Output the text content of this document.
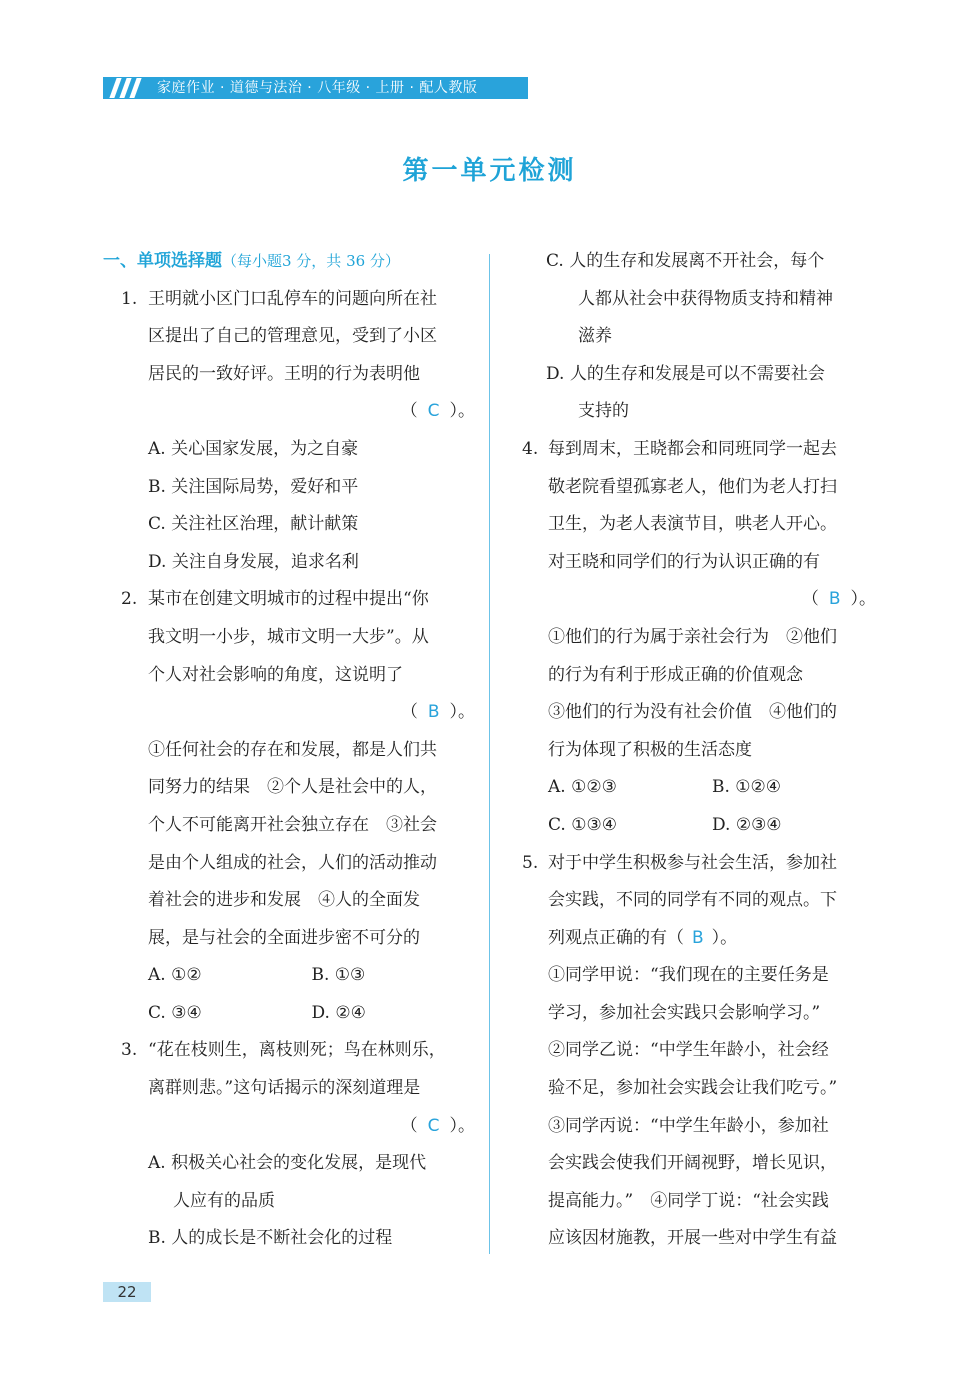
家庭作业 · 道德与法治 · 八年级 · 上册 · 配人教版
第一单元检测
一、单项选择题（每小题3 分，共 36 分）
1. 王明就小区门口乱停车的问题向所在社
区提出了自己的管理意见，受到了小区
居民的一致好评。王明的行为表明他
（ C ）。
A. 关心国家发展，为之自豪
B. 关注国际局势，爱好和平
C. 关注社区治理，献计献策
D. 关注自身发展，追求名利
2. 某市在创建文明城市的过程中提出“你
我文明一小步，城市文明一大步”。从
个人对社会影响的角度，这说明了
（ B ）。
①任何社会的存在和发展，都是人们共
同努力的结果　②个人是社会中的人，
个人不可能离开社会独立存在　③社会
是由个人组成的社会，人们的活动推动
着社会的进步和发展　④人的全面发
展，是与社会的全面进步密不可分的
A. ①②	B. ①③
C. ③④	D. ②④
3. “花在枝则生，离枝则死；鸟在林则乐，
离群则悲。”这句话揭示的深刻道理是
（ C ）。
A. 积极关心社会的变化发展，是现代
人应有的品质
B. 人的成长是不断社会化的过程
C. 人的生存和发展离不开社会，每个
人都从社会中获得物质支持和精神
滋养
D. 人的生存和发展是可以不需要社会
支持的
4. 每到周末，王晓都会和同班同学一起去
敬老院看望孤寡老人，他们为老人打扫
卫生，为老人表演节目，哄老人开心。
对王晓和同学们的行为认识正确的有
（ B ）。
①他们的行为属于亲社会行为　②他们
的行为有利于形成正确的价值观念
③他们的行为没有社会价值　④他们的
行为体现了积极的生活态度
A. ①②③	B. ①②④
C. ①③④	D. ②③④
5. 对于中学生积极参与社会生活，参加社
会实践，不同的同学有不同的观点。下
列观点正确的有（ B ）。
①同学甲说：“我们现在的主要任务是
学习，参加社会实践只会影响学习。”
②同学乙说：“中学生年龄小，社会经
验不足，参加社会实践会让我们吃亏。”
③同学丙说：“中学生年龄小，参加社
会实践会使我们开阔视野，增长见识，
提高能力。”　④同学丁说：“社会实践
应该因材施教，开展一些对中学生有益
22
